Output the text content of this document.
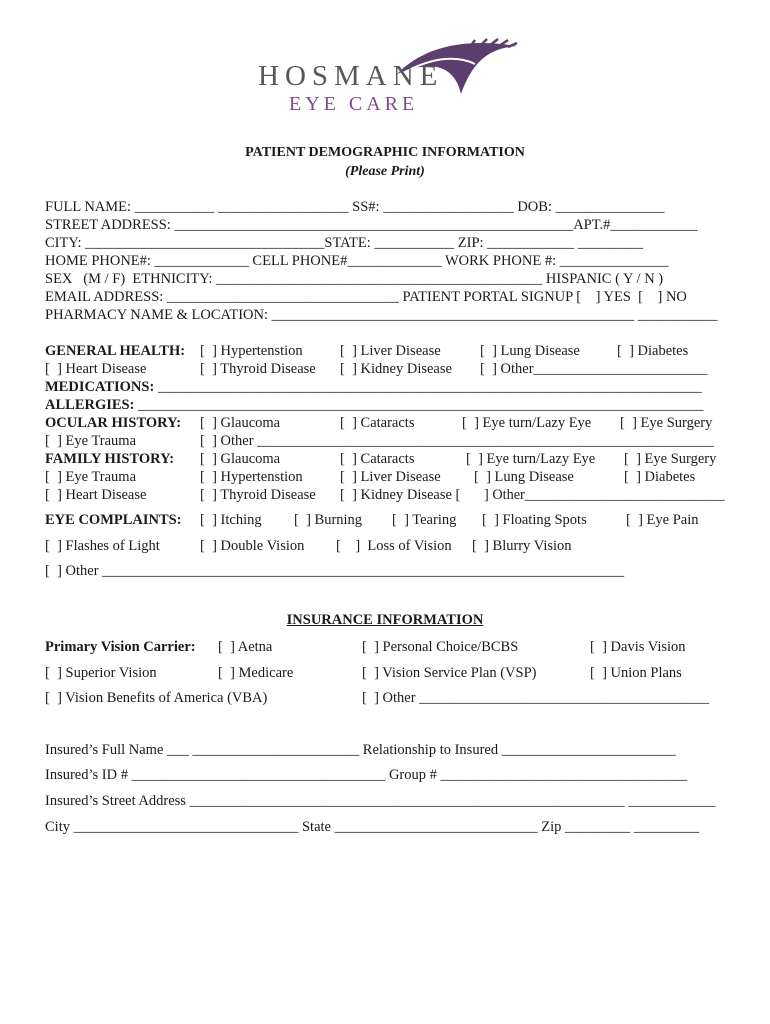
HOSMANE
EYE CARE
PATIENT DEMOGRAPHIC INFORMATION
(Please Print)
FULL NAME: ___________ __________________ SS#: __________________ DOB: _______________
STREET ADDRESS: _______________________________________________________APT.#____________
CITY: _________________________________STATE: ___________ ZIP: ____________ _________
HOME PHONE#: _____________ CELL PHONE#_____________ WORK PHONE #: _______________
SEX   (M / F)  ETHNICITY: _____________________________________________ HISPANIC ( Y / N )
EMAIL ADDRESS: ________________________________ PATIENT PORTAL SIGNUP [    ] YES  [    ] NO
PHARMACY NAME & LOCATION: __________________________________________________ ___________
GENERAL HEALTH: [  ] Hypertenstion	[  ] Liver Disease	[  ] Lung Disease	[  ] Diabetes
[  ] Heart Disease	[  ] Thyroid Disease [  ] Kidney Disease [  ] Other________________________
MEDICATIONS: ___________________________________________________________________________
ALLERGIES: ______________________________________________________________________________
OCULAR HISTORY: [  ] Glaucoma	[  ] Cataracts	[  ] Eye turn/Lazy Eye [  ] Eye Surgery
[  ] Eye Trauma	[  ] Other _______________________________________________________________
FAMILY HISTORY: [  ] Glaucoma	[  ] Cataracts	[  ] Eye turn/Lazy Eye [  ] Eye Surgery
[  ] Eye Trauma	[  ] Hypertenstion	[  ] Liver Disease [  ] Lung Disease	[  ] Diabetes
[  ] Heart Disease	[  ] Thyroid Disease [  ] Kidney Disease [ ] Other____________________________
EYE COMPLAINTS: [  ] Itching [  ] Burning [  ] Tearing [  ] Floating Spots	[  ] Eye Pain
[  ] Flashes of Light	[  ] Double Vision [    ]  Loss of Vision [  ] Blurry Vision
[  ] Other ________________________________________________________________________
INSURANCE INFORMATION
Primary Vision Carrier: [  ] Aetna	[  ] Personal Choice/BCBS	[  ] Davis Vision
[  ] Superior Vision	[  ] Medicare	[  ] Vision Service Plan (VSP)	[  ] Union Plans
[  ] Vision Benefits of America (VBA)	[  ] Other ________________________________________
Insured’s Full Name ___ _______________________ Relationship to Insured ________________________
Insured’s ID # ___________________________________ Group # __________________________________
Insured’s Street Address ____________________________________________________________ ____________
City _______________________________ State ____________________________ Zip _________ _________
